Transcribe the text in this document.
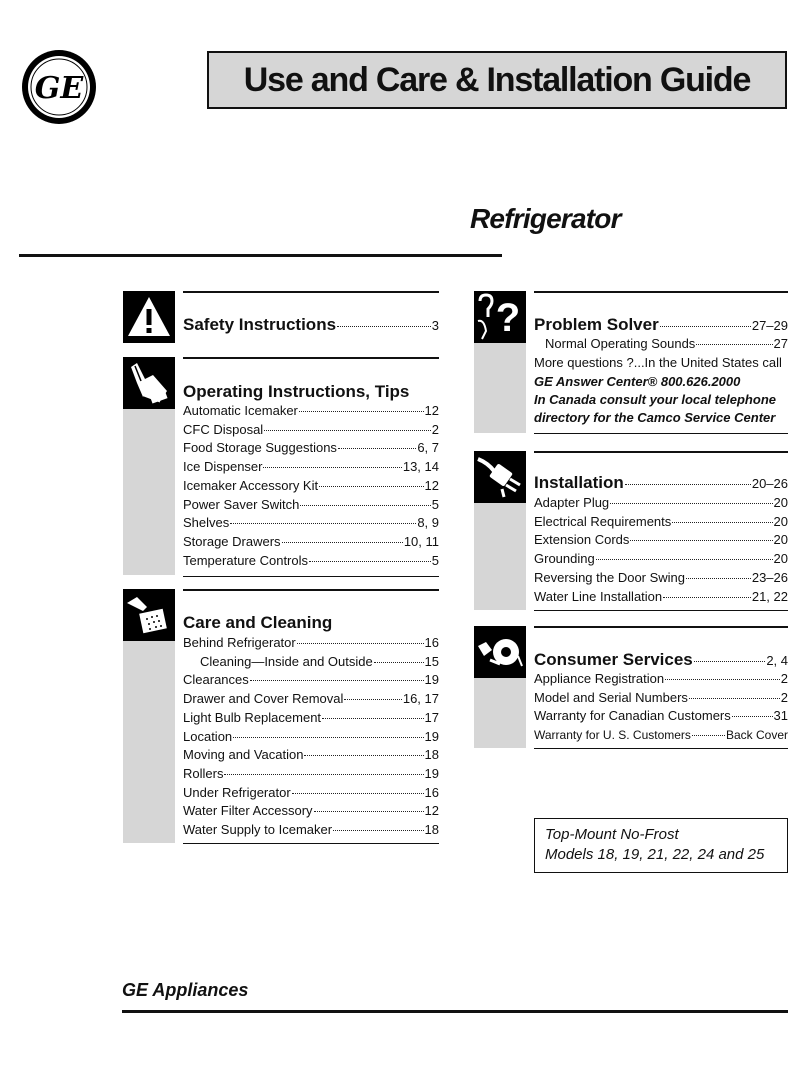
GE	Use and Care & Installation Guide
Refrigerator
Safety Instructions	3
Operating Instructions, Tips
Automatic Icemaker	12
CFC Disposal	2
Food Storage Suggestions	6, 7
Ice Dispenser	13, 14
Icemaker Accessory Kit	12
Power Saver Switch	5
Shelves	8, 9
Storage Drawers	10, 11
Temperature Controls	5
Care and Cleaning
Behind Refrigerator	16
Cleaning—Inside and Outside	15
Clearances	19
Drawer and Cover Removal	16, 17
Light Bulb Replacement	17
Location	19
Moving and Vacation	18
Rollers	19
Under Refrigerator	16
Water Filter Accessory	12
Water Supply to Icemaker	18
? Problem Solver	27–29
Normal Operating Sounds	27
More questions ?...In the United States call
GE Answer Center® 800.626.2000
In Canada consult your local telephone
directory for the Camco Service Center
Installation	20–26
Adapter Plug	20
Electrical Requirements	20
Extension Cords	20
Grounding	20
Reversing the Door Swing	23–26
Water Line Installation	21, 22
Consumer Services	2, 4
Appliance Registration	2
Model and Serial Numbers	2
Warranty for Canadian Customers	31
Warranty for U. S. Customers	Back Cover
Top-Mount No-Frost
Models 18, 19, 21, 22, 24 and 25
GE Appliances
